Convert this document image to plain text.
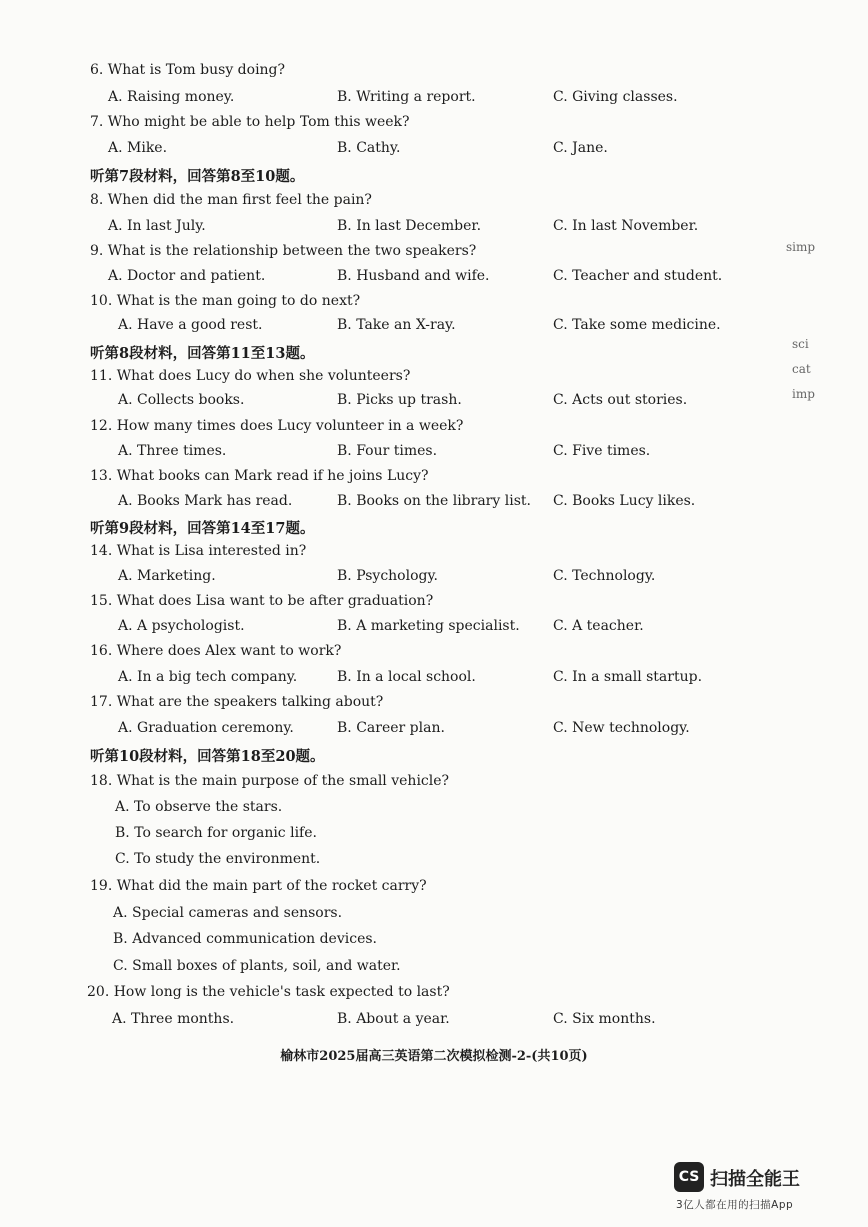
6. What is Tom busy doing?
A. Raising money.	B. Writing a report.	C. Giving classes.
7. Who might be able to help Tom this week?
A. Mike.	B. Cathy.	C. Jane.
听第7段材料，回答第8至10题。
8. When did the man first feel the pain?
A. In last July.	B. In last December.	C. In last November.
9. What is the relationship between the two speakers?
A. Doctor and patient.	B. Husband and wife.	C. Teacher and student.
10. What is the man going to do next?
A. Have a good rest.	B. Take an X-ray.	C. Take some medicine.
听第8段材料，回答第11至13题。
11. What does Lucy do when she volunteers?
A. Collects books.	B. Picks up trash.	C. Acts out stories.
12. How many times does Lucy volunteer in a week?
A. Three times.	B. Four times.	C. Five times.
13. What books can Mark read if he joins Lucy?
A. Books Mark has read.	B. Books on the library list. C. Books Lucy likes.
听第9段材料，回答第14至17题。
14. What is Lisa interested in?
A. Marketing.	B. Psychology.	C. Technology.
15. What does Lisa want to be after graduation?
A. A psychologist.	B. A marketing specialist. C. A teacher.
16. Where does Alex want to work?
A. In a big tech company.	B. In a local school.	C. In a small startup.
17. What are the speakers talking about?
A. Graduation ceremony.	B. Career plan.	C. New technology.
听第10段材料，回答第18至20题。
18. What is the main purpose of the small vehicle?
A. To observe the stars.
B. To search for organic life.
C. To study the environment.
19. What did the main part of the rocket carry?
A. Special cameras and sensors.
B. Advanced communication devices.
C. Small boxes of plants, soil, and water.
20. How long is the vehicle's task expected to last?
A. Three months.	B. About a year.	C. Six months.
榆林市2025届高三英语第二次模拟检测-2-(共10页)
simp
sci
cat
imp
CS 扫描全能王
3亿人都在用的扫描App
